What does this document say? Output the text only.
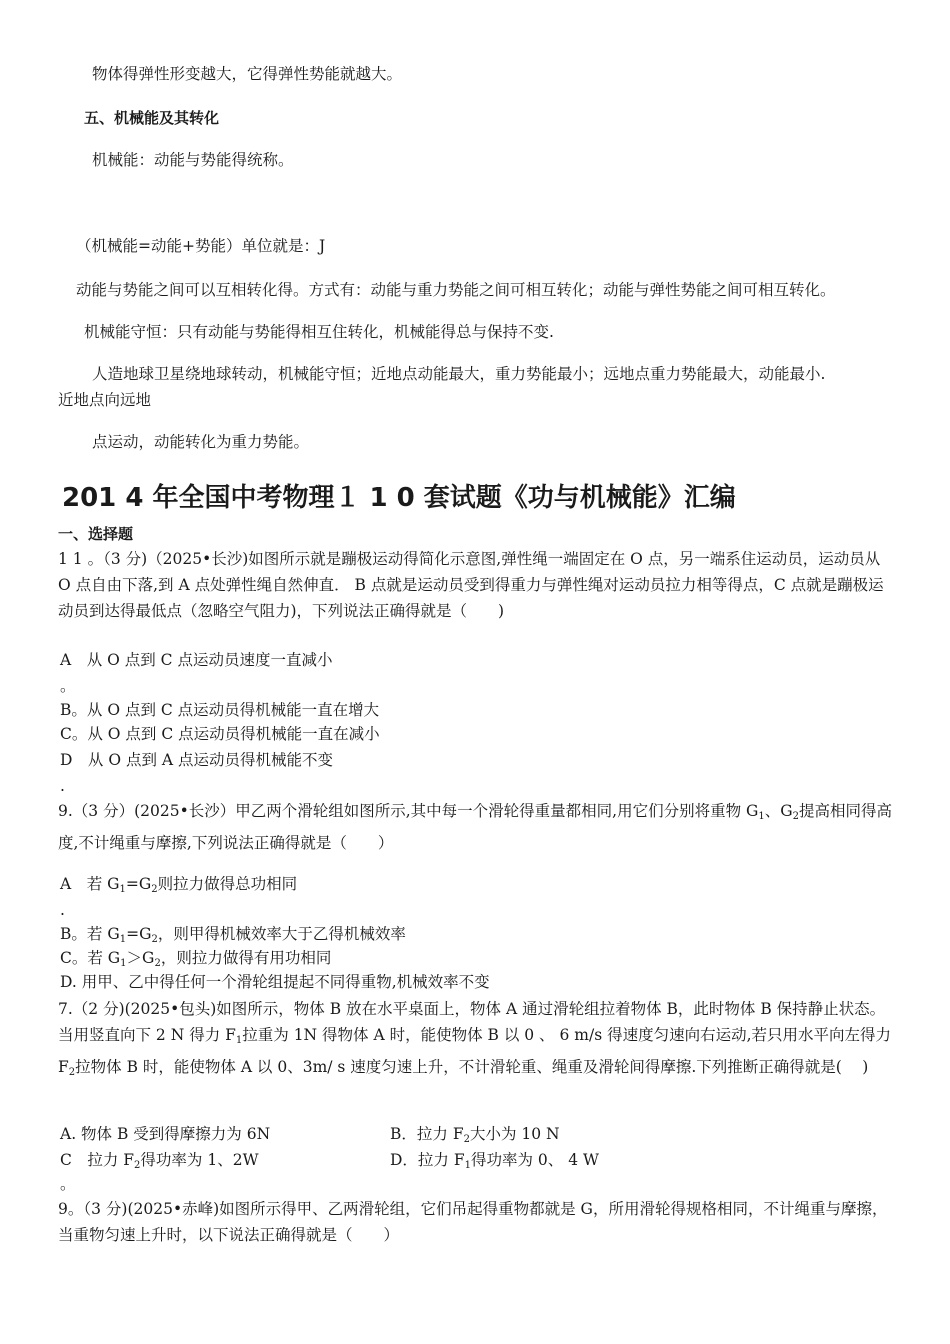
物体得弹性形变越大，它得弹性势能就越大。
五、机械能及其转化
机械能：动能与势能得统称。
（机械能=动能+势能）单位就是：J
动能与势能之间可以互相转化得。方式有：动能与重力势能之间可相互转化；动能与弹性势能之间可相互转化。
机械能守恒：只有动能与势能得相互住转化，机械能得总与保持不变.
人造地球卫星绕地球转动，机械能守恒；近地点动能最大，重力势能最小；远地点重力势能最大，动能最小.
近地点向远地
点运动，动能转化为重力势能。
201 4 年全国中考物理１ 1 0 套试题《功与机械能》汇编
一、选择题
1 1 。（3 分)（2025•长沙)如图所示就是蹦极运动得简化示意图,弹性绳一端固定在 O 点，另一端系住运动员，运动员从 O 点自由下落,到 A 点处弹性绳自然伸直． B 点就是运动员受到得重力与弹性绳对运动员拉力相等得点，C 点就是蹦极运动员到达得最低点（忽略空气阻力)，下列说法正确得就是（　　)
A　从 O 点到 C 点运动员速度一直减小
。
B。从 O 点到 C 点运动员得机械能一直在增大
C。从 O 点到 C 点运动员得机械能一直在减小
D　从 O 点到 A 点运动员得机械能不变
.
9.（3 分）(2025•长沙）甲乙两个滑轮组如图所示,其中每一个滑轮得重量都相同,用它们分别将重物 $G_1$、$G_2$提高相同得高度,不计绳重与摩擦,下列说法正确得就是（　　）
A　若 $G_1=G_2$则拉力做得总功相同
.
B。若 $G_1=G_2$，则甲得机械效率大于乙得机械效率
C。若 $G_1>G_2$，则拉力做得有用功相同
D. 用甲、乙中得任何一个滑轮组提起不同得重物,机械效率不变
7.（2 分)(2025•包头)如图所示，物体 B 放在水平桌面上，物体 A 通过滑轮组拉着物体 B，此时物体 B 保持静止状态。当用竖直向下 2 N 得力 $F_1$拉重为 1N 得物体 A 时，能使物体 B 以 0 、 6 m/s 得速度匀速向右运动,若只用水平向左得力 $F_2$拉物体 B 时，能使物体 A 以 0、3m/ s 速度匀速上升，不计滑轮重、绳重及滑轮间得摩擦.下列推断正确得就是(　 )
A. 物体 B 受到得摩擦力为 6N	B．拉力 $F_2$大小为 10 N
C　拉力 $F_2$得功率为 1、2W	D．拉力 $F_1$得功率为 0、 4 W
。
9。（3 分)(2025•赤峰)如图所示得甲、乙两滑轮组，它们吊起得重物都就是 G，所用滑轮得规格相同，不计绳重与摩擦，当重物匀速上升时，以下说法正确得就是（　　）
